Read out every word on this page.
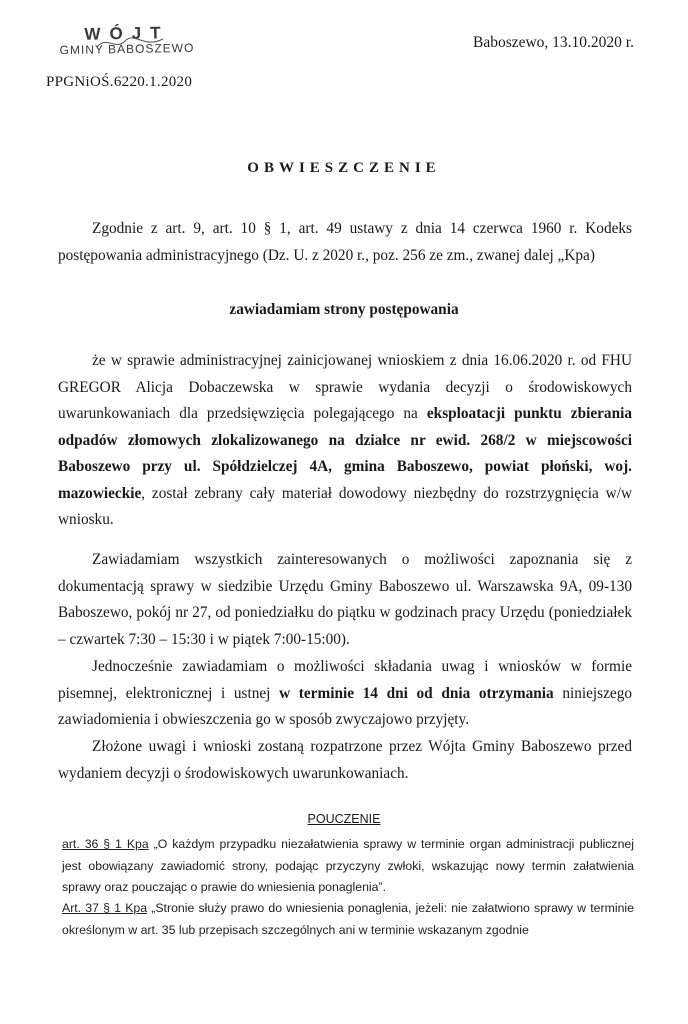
WÓJT
GMINY BABOSZEWO
PPGNiOŚ.6220.1.2020
Baboszewo, 13.10.2020 r.
OBWIESZCZENIE
Zgodnie z art. 9, art. 10 § 1, art. 49 ustawy z dnia 14 czerwca 1960 r. Kodeks postępowania administracyjnego (Dz. U. z 2020 r., poz. 256 ze zm., zwanej dalej „Kpa)
zawiadamiam strony postępowania
że w sprawie administracyjnej zainicjowanej wnioskiem z dnia 16.06.2020 r. od FHU GREGOR Alicja Dobaczewska w sprawie wydania decyzji o środowiskowych uwarunkowaniach dla przedsięwzięcia polegającego na eksploatacji punktu zbierania odpadów złomowych zlokalizowanego na działce nr ewid. 268/2 w miejscowości Baboszewo przy ul. Spółdzielczej 4A, gmina Baboszewo, powiat płoński, woj. mazowieckie, został zebrany cały materiał dowodowy niezbędny do rozstrzygnięcia w/w wniosku.
Zawiadamiam wszystkich zainteresowanych o możliwości zapoznania się z dokumentacją sprawy w siedzibie Urzędu Gminy Baboszewo ul. Warszawska 9A, 09-130 Baboszewo, pokój nr 27, od poniedziałku do piątku w godzinach pracy Urzędu (poniedziałek – czwartek 7:30 – 15:30 i w piątek 7:00-15:00).
Jednocześnie zawiadamiam o możliwości składania uwag i wniosków w formie pisemnej, elektronicznej i ustnej w terminie 14 dni od dnia otrzymania niniejszego zawiadomienia i obwieszczenia go w sposób zwyczajowo przyjęty.
Złożone uwagi i wnioski zostaną rozpatrzone przez Wójta Gminy Baboszewo przed wydaniem decyzji o środowiskowych uwarunkowaniach.
POUCZENIE
art. 36 § 1 Kpa „O każdym przypadku niezałatwienia sprawy w terminie organ administracji publicznej jest obowiązany zawiadomić strony, podając przyczyny zwłoki, wskazując nowy termin załatwienia sprawy oraz pouczając o prawie do wniesienia ponaglenia”.
Art. 37 § 1 Kpa „Stronie służy prawo do wniesienia ponaglenia, jeżeli: nie załatwiono sprawy w terminie określonym w art. 35 lub przepisach szczególnych ani w terminie wskazanym zgodnie
